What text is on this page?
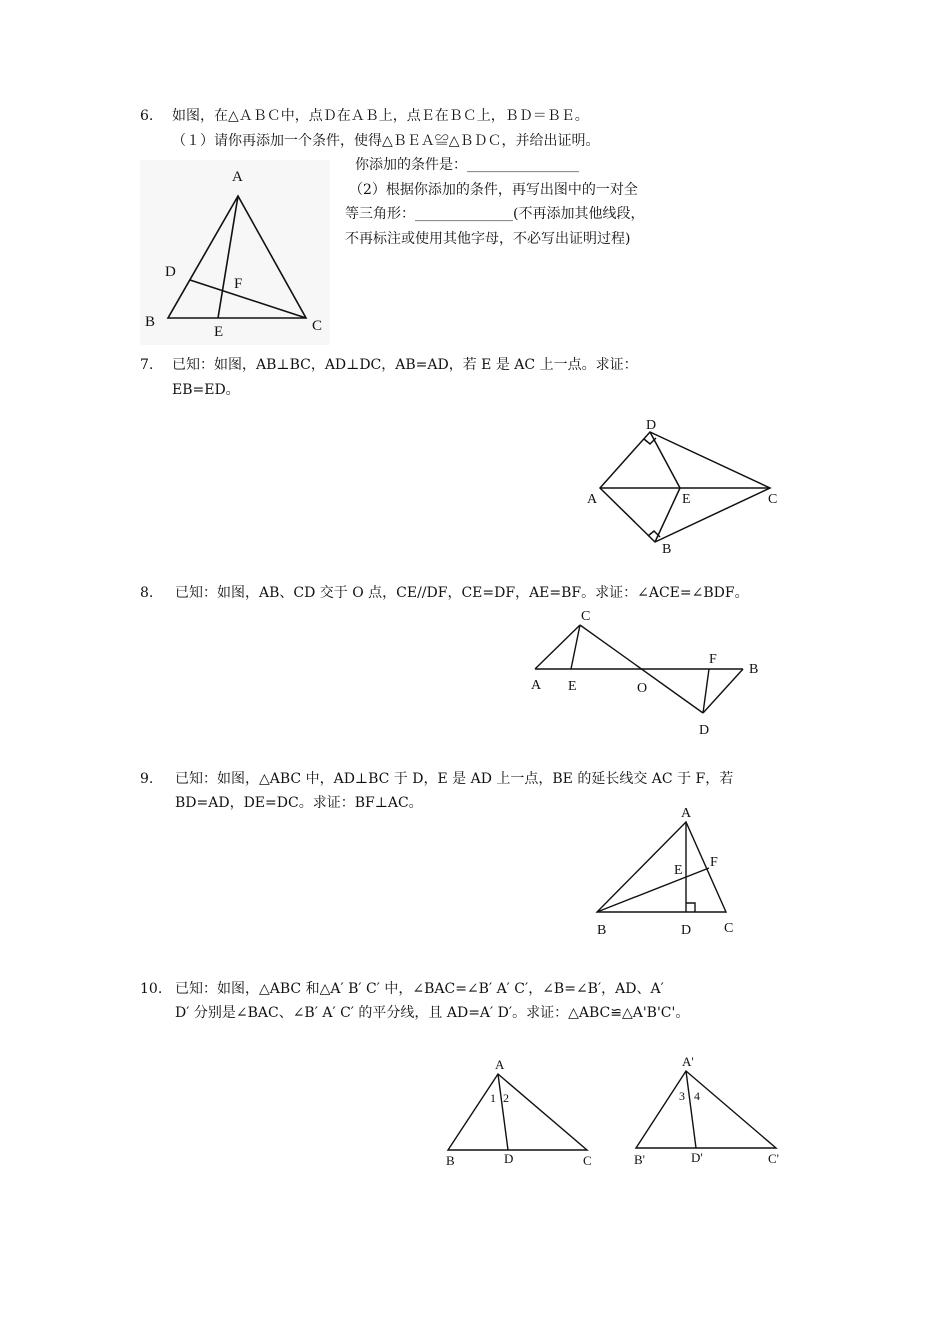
6. 如图，在△ＡＢＣ中，点Ｄ在ＡＢ上，点Ｅ在ＢＣ上，ＢＤ＝ＢＥ。
（１）请你再添加一个条件，使得△ＢＥＡ≌△ＢＤＣ，并给出证明。
你添加的条件是：________________
（2）根据你添加的条件，再写出图中的一对全
等三角形：______________(不再添加其他线段，
不再标注或使用其他字母，不必写出证明过程)
A
D
F
B
E	C
7. 已知：如图，AB⊥BC，AD⊥DC，AB=AD，若 E 是 AC 上一点。求证：
EB=ED。
D
A	E	C
B
8. 已知：如图，AB、CD 交于 O 点，CE//DF，CE=DF，AE=BF。求证：∠ACE=∠BDF。
C
F
B
A E	O
D
9. 已知：如图，△ABC 中，AD⊥BC 于 D，E 是 AD 上一点，BE 的延长线交 AC 于 F，若
BD=AD，DE=DC。求证：BF⊥AC。
A
E
F
B	D C
10. 已知：如图，△ABC 和△A′ B′ C′ 中，∠BAC=∠B′ A′ C′，∠B=∠B′，AD、A′
D′ 分别是∠BAC、∠B′ A′ C′ 的平分线，且 AD=A′ D′。求证：△ABC≌△A'B'C'。
A
1 2
B	D	C
A'
3 4
B'	D'	C'
